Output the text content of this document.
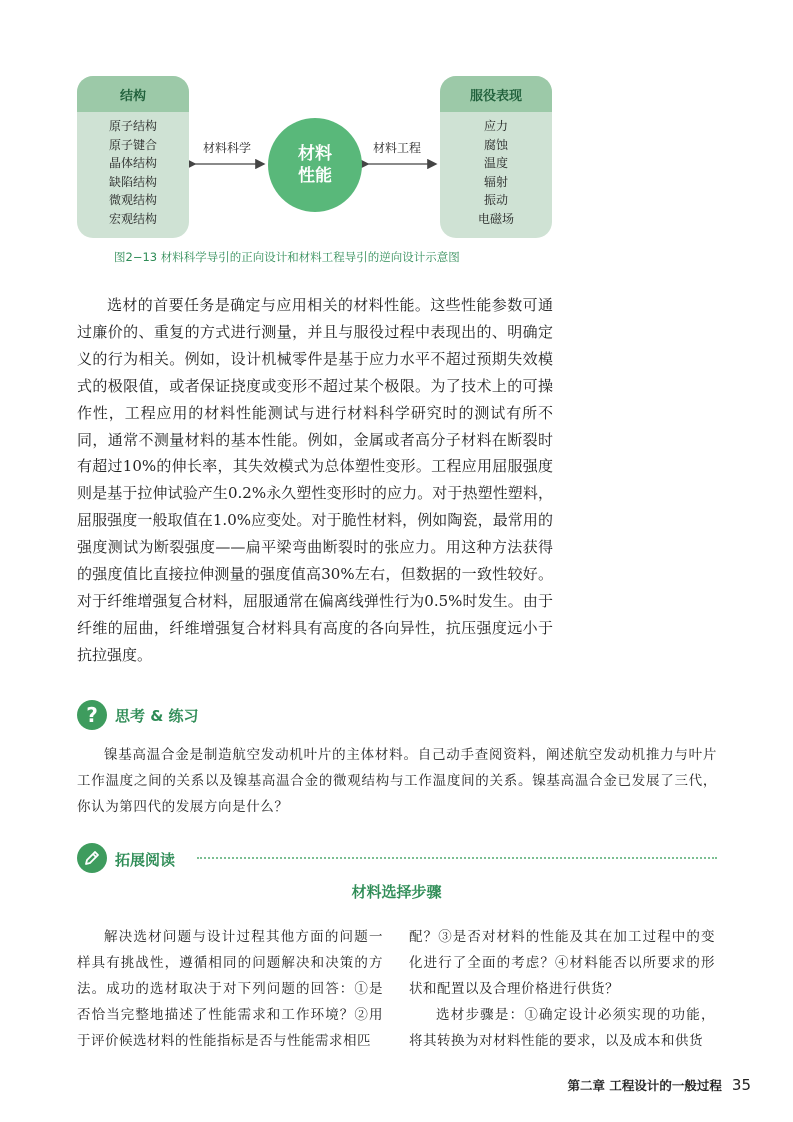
结构
原子结构
原子键合
晶体结构
缺陷结构
微观结构
宏观结构
材料科学	材料
性能
材料工程
服役表现
应力
腐蚀
温度
辐射
振动
电磁场
图2−13 材料科学导引的正向设计和材料工程导引的逆向设计示意图

选材的首要任务是确定与应用相关的材料性能。这些性能参数可通过廉价的、重复的方式进行测量，并且与服役过程中表现出的、明确定义的行为相关。例如，设计机械零件是基于应力水平不超过预期失效模式的极限值，或者保证挠度或变形不超过某个极限。为了技术上的可操作性，工程应用的材料性能测试与进行材料科学研究时的测试有所不同，通常不测量材料的基本性能。例如，金属或者高分子材料在断裂时有超过10%的伸长率，其失效模式为总体塑性变形。工程应用屈服强度则是基于拉伸试验产生0.2%永久塑性变形时的应力。对于热塑性塑料，屈服强度一般取值在1.0%应变处。对于脆性材料，例如陶瓷，最常用的强度测试为断裂强度——扁平梁弯曲断裂时的张应力。用这种方法获得的强度值比直接拉伸测量的强度值高30%左右，但数据的一致性较好。对于纤维增强复合材料，屈服通常在偏离线弹性行为0.5%时发生。由于纤维的屈曲，纤维增强复合材料具有高度的各向异性，抗压强度远小于抗拉强度。

?	思考 & 练习

镍基高温合金是制造航空发动机叶片的主体材料。自己动手查阅资料，阐述航空发动机推力与叶片工作温度之间的关系以及镍基高温合金的微观结构与工作温度间的关系。镍基高温合金已发展了三代，你认为第四代的发展方向是什么？

拓展阅读
材料选择步骤

解决选材问题与设计过程其他方面的问题一样具有挑战性，遵循相同的问题解决和决策的方法。成功的选材取决于对下列问题的回答：①是否恰当完整地描述了性能需求和工作环境？②用于评价候选材料的性能指标是否与性能需求相匹

配？③是否对材料的性能及其在加工过程中的变化进行了全面的考虑？④材料能否以所要求的形状和配置以及合理价格进行供货？

选材步骤是：①确定设计必须实现的功能，将其转换为对材料性能的要求，以及成本和供货

第二章 工程设计的一般过程 35
